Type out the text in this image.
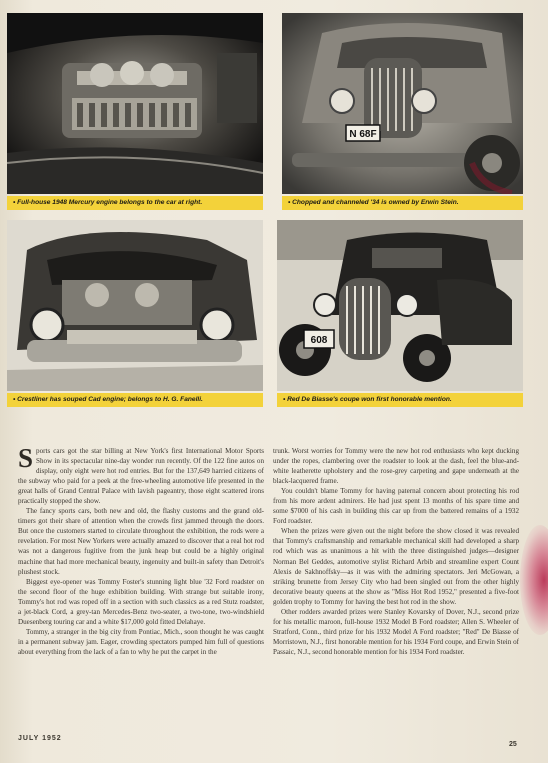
• Full-house 1948 Mercury engine belongs to the car at right.
N 68F
• Chopped and channeled '34 is owned by Erwin Stein.
• Crestliner has souped Cad engine; belongs to H. G. Fanelli.
608
• Red De Biasse's coupe won first honorable mention.

Sports cars got the star billing at New York's first International Motor Sports Show in its spectacular nine-day wonder run recently. Of the 122 fine autos on display, only eight were hot rod entries. But for the 137,649 harried citizens of the subway who paid for a peek at the free-wheeling automotive life presented in the great halls of Grand Central Palace with lavish pageantry, those eight scattered irons practically stopped the show.

The fancy sports cars, both new and old, the flashy customs and the grand old-timers got their share of attention when the crowds first jammed through the doors. But once the customers started to circulate throughout the exhibition, the rods were a revelation. For most New Yorkers were actually amazed to discover that a real hot rod was not a dangerous fugitive from the junk heap but could be a highly original machine that had more mechanical beauty, ingenuity and built-in safety than Detroit's plushest stock.

Biggest eye-opener was Tommy Foster's stunning light blue '32 Ford roadster on the second floor of the huge exhibition building. With strange but suitable irony, Tommy's hot rod was roped off in a section with such classics as a red Stutz roadster, a jet-black Cord, a grey-tan Mercedes-Benz two-seater, a two-tone, two-windshield Duesenberg touring car and a white $17,000 gold fitted Delahaye.

Tommy, a stranger in the big city from Pontiac, Mich., soon thought he was caught in a permanent subway jam. Eager, crowding spectators pumped him full of questions about everything from the lack of a fan to why he put the carpet in the

trunk. Worst worries for Tommy were the new hot rod enthusiasts who kept ducking under the ropes, clambering over the roadster to look at the dash, feel the blue-and-white leatherette upholstery and the rose-grey carpeting and gape underneath at the black-lacquered frame.

You couldn't blame Tommy for having paternal concern about protecting his rod from his more ardent admirers. He had just spent 13 months of his spare time and some $7000 of his cash in building this car up from the battered remains of a 1932 Ford roadster.

When the prizes were given out the night before the show closed it was revealed that Tommy's craftsmanship and remarkable mechanical skill had developed a sharp rod which was as unanimous a hit with the three distinguished judges—designer Norman Bel Geddes, automotive stylist Richard Arbib and streamline expert Count Alexis de Sakhnoffsky—as it was with the admiring spectators. Jeri McGowan, a striking brunette from Jersey City who had been singled out from the other highly decorative beauty queens at the show as "Miss Hot Rod 1952," presented a five-foot golden trophy to Tommy for having the best hot rod in the show.

Other rodders awarded prizes were Stanley Kovarsky of Dover, N.J., second prize for his metallic maroon, full-house 1932 Model B Ford roadster; Allen S. Wheeler of Stratford, Conn., third prize for his 1932 Model A Ford roadster; "Red" De Biasse of Morristown, N.J., first honorable mention for his 1934 Ford coupe, and Erwin Stein of Passaic, N.J., second honorable mention for his 1934 Ford roadster.

JULY 1952
25
